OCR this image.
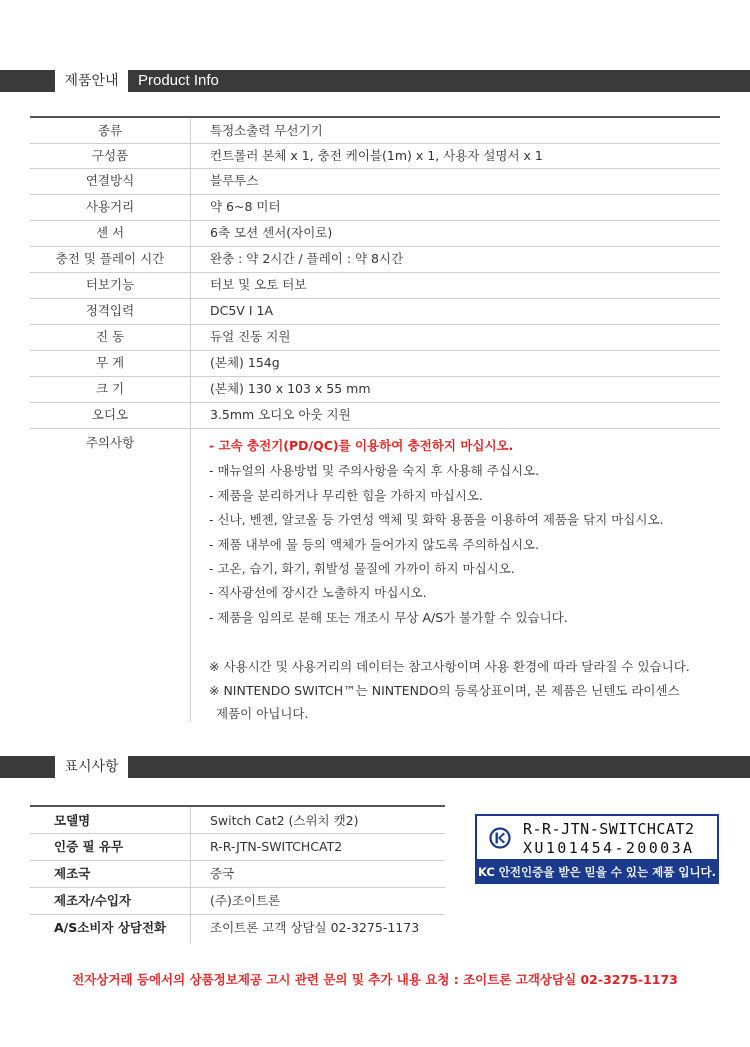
제품안내	Product Info
종류	특정소출력 무선기기
구성품	컨트롤러 본체 x 1, 충전 케이블(1m) x 1, 사용자 설명서 x 1
연결방식	블루투스
사용거리	약 6~8 미터
센 서	6축 모션 센서(자이로)
충전 및 플레이 시간	완충 : 약 2시간 / 플레이 : 약 8시간
터보기능	터보 및 오토 터보
정격입력	DC5V I 1A
진 동	듀얼 진동 지원
무 게	(본체) 154g
크 기	(본체) 130 x 103 x 55 mm
오디오	3.5mm 오디오 아웃 지원
주의사항	- 고속 충전기(PD/QC)를 이용하여 충전하지 마십시오.
- 매뉴얼의 사용방법 및 주의사항을 숙지 후 사용해 주십시오.
- 제품을 분리하거나 무리한 힘을 가하지 마십시오.
- 신나, 벤젠, 알코올 등 가연성 액체 및 화학 용품을 이용하여 제품을 닦지 마십시오.
- 제품 내부에 물 등의 액체가 들어가지 않도록 주의하십시오.
- 고온, 습기, 화기, 휘발성 물질에 가까이 하지 마십시오.
- 직사광선에 장시간 노출하지 마십시오.
- 제품을 임의로 분해 또는 개조시 무상 A/S가 불가할 수 있습니다.
※ 사용시간 및 사용거리의 데이터는 참고사항이며 사용 환경에 따라 달라질 수 있습니다.
※ NINTENDO SWITCH™는 NINTENDO의 등록상표이며, 본 제품은 닌텐도 라이센스
제품이 아닙니다.
표시사항
모델명	Switch Cat2 (스위치 캣2)
인증 필 유무	R-R-JTN-SWITCHCAT2
제조국	중국
제조자/수입자	(주)조이트론
A/S소비자 상담전화	조이트론 고객 상담실 02-3275-1173
R-R-JTN-SWITCHCAT2
XU101454-20003A
KC 안전인증을 받은 믿을 수 있는 제품 입니다.
전자상거래 등에서의 상품정보제공 고시 관련 문의 및 추가 내용 요청 : 조이트론 고객상담실 02-3275-1173
